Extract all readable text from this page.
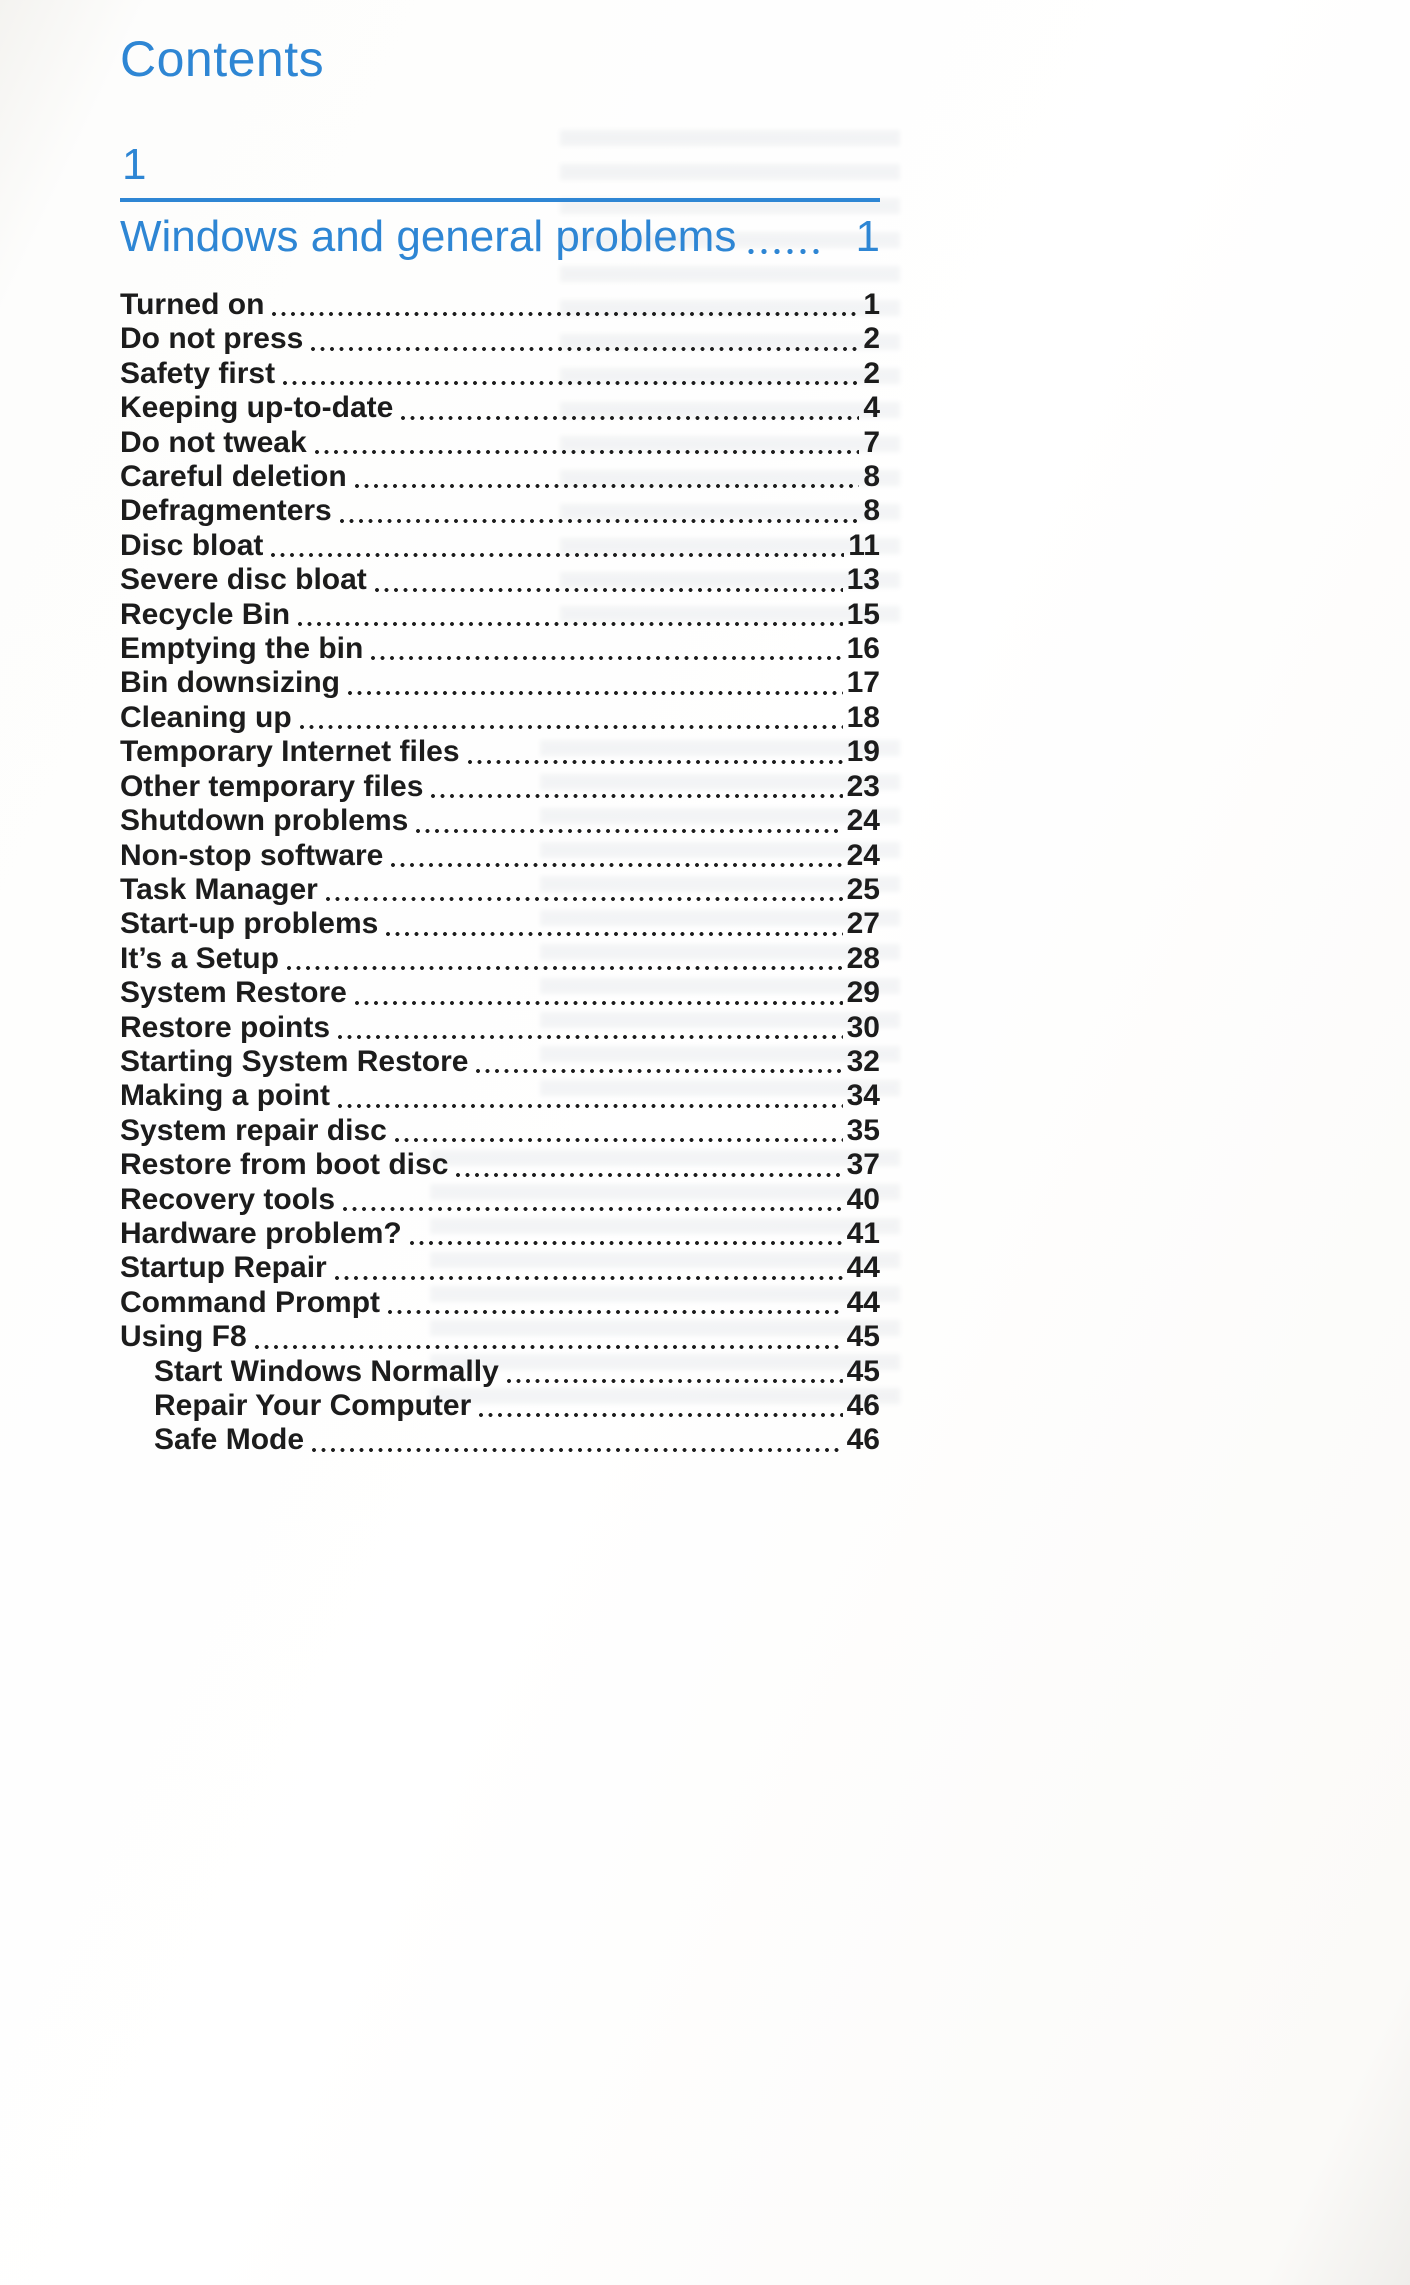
Contents
1
Windows and general problems	1
Turned on	1
Do not press	2
Safety first	2
Keeping up-to-date	4
Do not tweak	7
Careful deletion	8
Defragmenters	8
Disc bloat	11
Severe disc bloat	13
Recycle Bin	15
Emptying the bin	16
Bin downsizing	17
Cleaning up	18
Temporary Internet files	19
Other temporary files	23
Shutdown problems	24
Non-stop software	24
Task Manager	25
Start-up problems	27
It’s a Setup	28
System Restore	29
Restore points	30
Starting System Restore	32
Making a point	34
System repair disc	35
Restore from boot disc	37
Recovery tools	40
Hardware problem?	41
Startup Repair	44
Command Prompt	44
Using F8	45
Start Windows Normally	45
Repair Your Computer	46
Safe Mode	46
